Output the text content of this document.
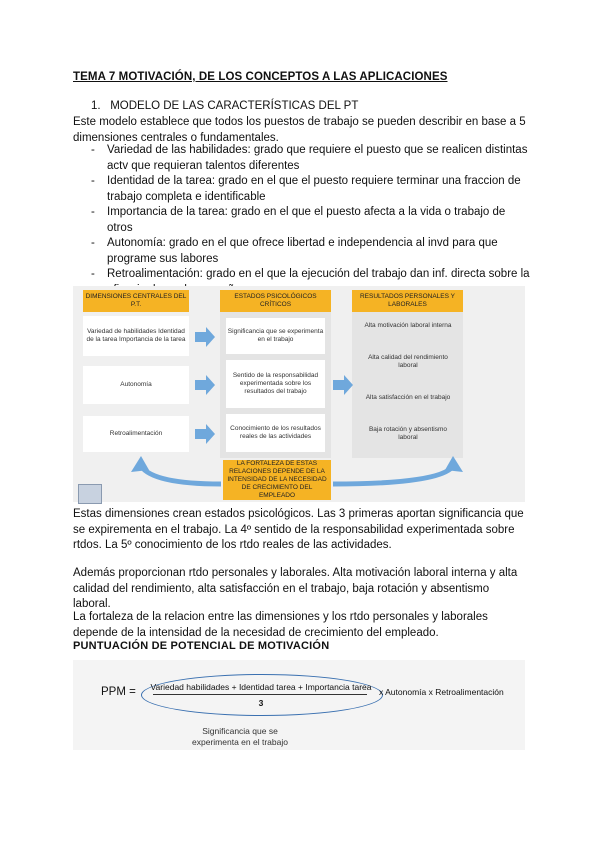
TEMA 7 MOTIVACIÓN, DE LOS CONCEPTOS A LAS APLICACIONES
1. MODELO DE LAS CARACTERÍSTICAS DEL PT
Este modelo establece que todos los puestos de trabajo se pueden describir en base a 5 dimensiones centrales o fundamentales.
- Variedad de las habilidades: grado que requiere el puesto que se realicen distintas actv que requieran talentos diferentes
- Identidad de la tarea: grado en el que el puesto requiere terminar una fraccion de trabajo completa e identificable
- Importancia de la tarea: grado en el que el puesto afecta a la vida o trabajo de otros
- Autonomía: grado en el que ofrece libertad e independencia al invd para que programe sus labores
- Retroalimentación: grado en el que la ejecución del trabajo dan inf. directa sobre la
DIMENSIONES CENTRALES DEL P.T.
ESTADOS PSICOLÓGICOS CRÍTICOS
RESULTADOS PERSONALES Y LABORALES
Variedad de habilidades Identidad de la tarea Importancia de la tarea
Autonomía
Retroalimentación
Significancia que se experimenta en el trabajo
Sentido de la responsabilidad experimentada sobre los resultados del trabajo
Conocimiento de los resultados reales de las actividades
Alta motivación laboral interna
Alta calidad del rendimiento laboral
Alta satisfacción en el trabajo
Baja rotación y absentismo laboral
LA FORTALEZA DE ESTAS RELACIONES DEPENDE DE LA INTENSIDAD DE LA NECESIDAD DE CRECIMIENTO DEL EMPLEADO
Estas dimensiones crean estados psicológicos. Las 3 primeras aportan significancia que se expirementa en el trabajo. La 4º sentido de la responsabilidad experimentada sobre rtdos. La 5º conocimiento de los rtdo reales de las actividades.
Además proporcionan rtdo personales y laborales. Alta motivación laboral interna y alta calidad del rendimiento, alta satisfacción en el trabajo, baja rotación y absentismo laboral.
La fortaleza de la relacion entre las dimensiones y los rtdo personales y laborales depende de la intensidad de la necesidad de crecimiento del empleado.
PUNTUACIÓN DE POTENCIAL DE MOTIVACIÓN
PPM =	Variedad habilidades + Identidad tarea + Importancia tarea
3
x Autonomía x Retroalimentación
Significancia que se experimenta en el trabajo
